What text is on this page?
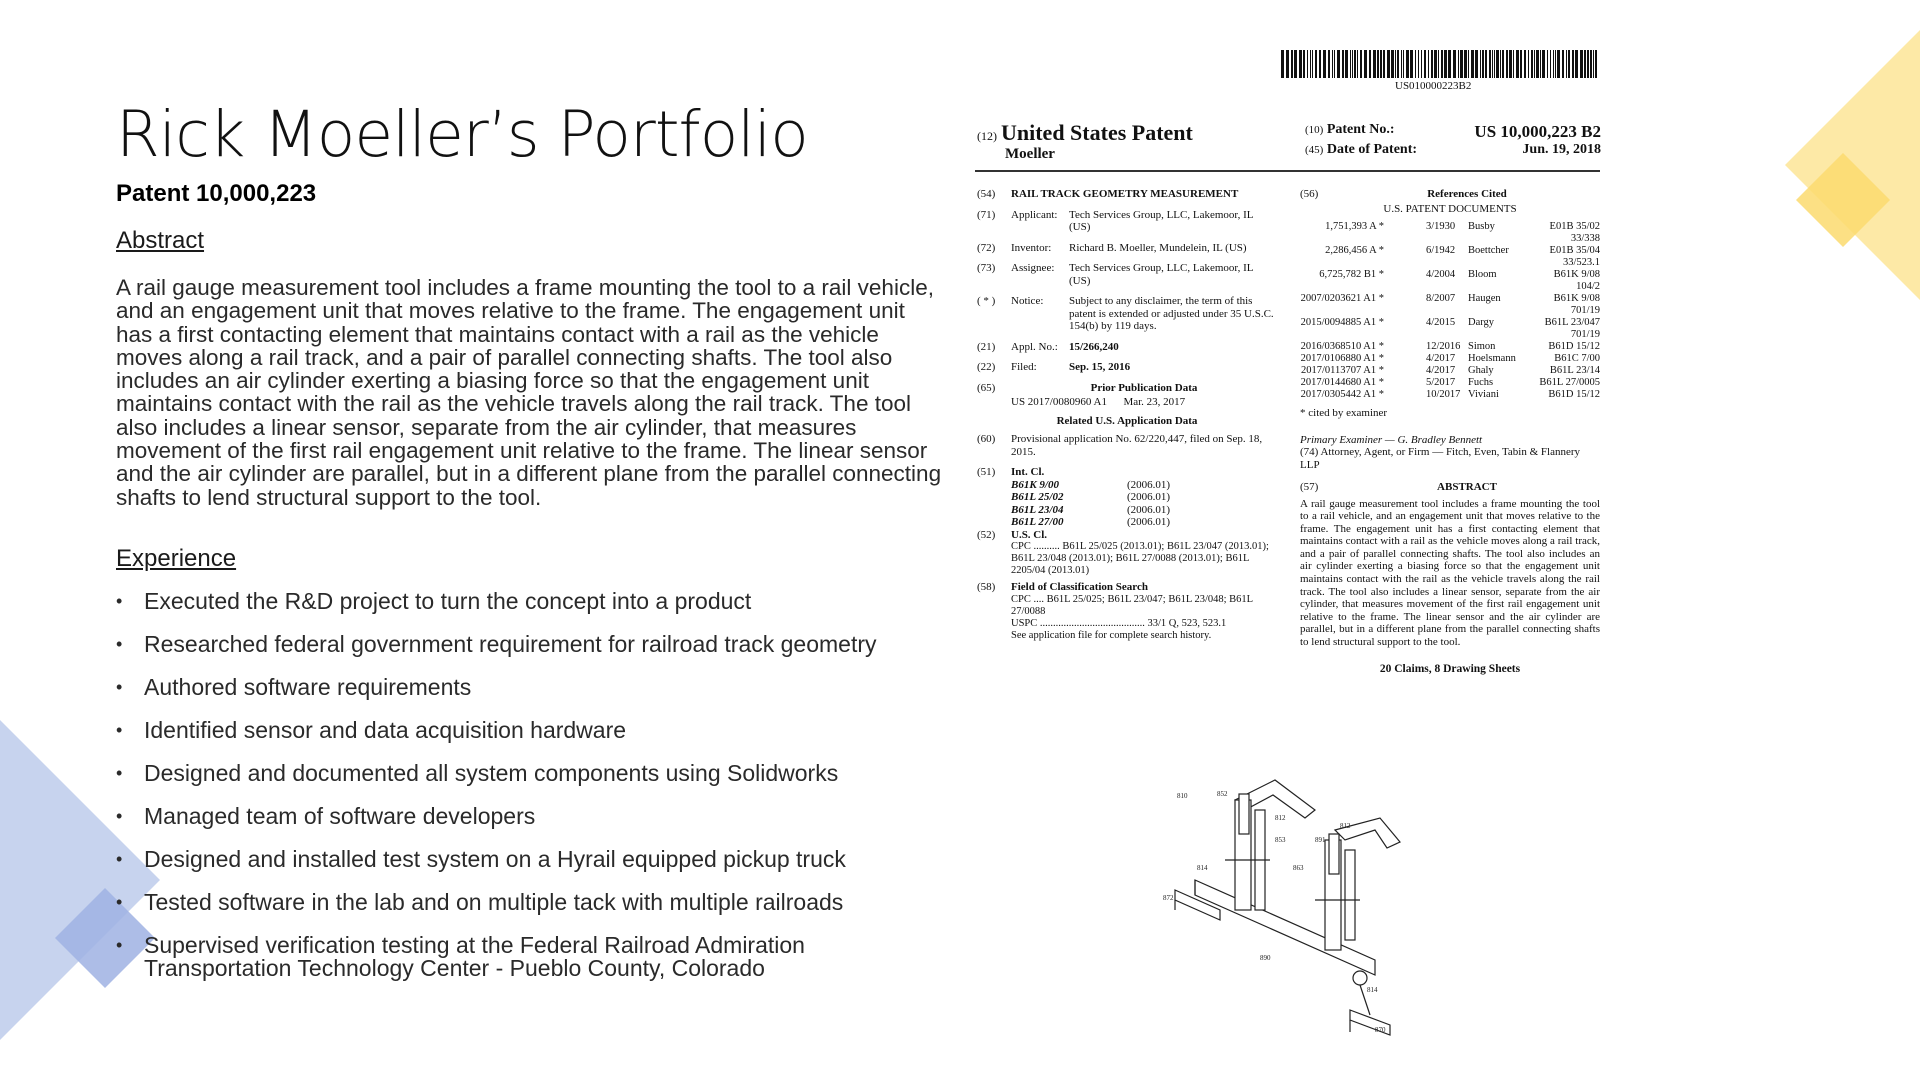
Rick Moeller’s Portfolio
Patent 10,000,223
Abstract

A rail gauge measurement tool includes a frame mounting the tool to a rail vehicle, and an engagement unit that moves relative to the frame. The engagement unit has a first contacting element that maintains contact with a rail as the vehicle moves along a rail track, and a pair of parallel connecting shafts. The tool also includes an air cylinder exerting a biasing force so that the engagement unit maintains contact with the rail as the vehicle travels along the rail track. The tool also includes a linear sensor, separate from the air cylinder, that measures movement of the first rail engagement unit relative to the frame. The linear sensor and the air cylinder are parallel, but in a different plane from the parallel connecting shafts to lend structural support to the tool.

Experience
• Executed the R&D project to turn the concept into a product
• Researched federal government requirement for railroad track geometry
• Authored software requirements
• Identified sensor and data acquisition hardware
• Designed and documented all system components using Solidworks
• Managed team of software developers
• Designed and installed test system on a Hyrail equipped pickup truck
• Tested software in the lab and on multiple tack with multiple railroads
• Supervised verification testing at the Federal Railroad Admiration Transportation Technology Center - Pueblo County, Colorado
US010000223B2
(12) United States Patent
Moeller
(10) Patent No.:	US 10,000,223 B2
(45) Date of Patent:	Jun. 19, 2018
(54)	RAIL TRACK GEOMETRY MEASUREMENT
(71)	Applicant:	Tech Services Group, LLC, Lakemoor, IL (US)
(72)	Inventor:	Richard B. Moeller, Mundelein, IL (US)
(73)	Assignee:	Tech Services Group, LLC, Lakemoor, IL (US)
( * )	Notice:	Subject to any disclaimer, the term of this patent is extended or adjusted under 35 U.S.C. 154(b) by 119 days.
(21)	Appl. No.:	15/266,240
(22)	Filed:	Sep. 15, 2016
(65)	Prior Publication Data
US 2017/0080960 A1      Mar. 23, 2017
Related U.S. Application Data
(60)	Provisional application No. 62/220,447, filed on Sep. 18, 2015.
(51)	Int. Cl.
B61K 9/00	(2006.01)
B61L 25/02	(2006.01)
B61L 23/04	(2006.01)
B61L 27/00	(2006.01)
(52)	U.S. Cl.
CPC .......... B61L 25/025 (2013.01); B61L 23/047 (2013.01); B61L 23/048 (2013.01); B61L 27/0088 (2013.01); B61L 2205/04 (2013.01)
(58)	Field of Classification Search
CPC .... B61L 25/025; B61L 23/047; B61L 23/048; B61L 27/0088
USPC ........................................ 33/1 Q, 523, 523.1
See application file for complete search history.
(56)	References Cited
U.S. PATENT DOCUMENTS
1,751,393 A *	3/1930	Busby	E01B 35/02
33/338
2,286,456 A *	6/1942	Boettcher	E01B 35/04
33/523.1
6,725,782 B1 *	4/2004	Bloom	B61K 9/08
104/2
2007/0203621 A1 *	8/2007	Haugen	B61K 9/08
701/19
2015/0094885 A1 *	4/2015	Dargy	B61L 23/047
701/19
2016/0368510 A1 *	12/2016 Simon	B61D 15/12
2017/0106880 A1 *	4/2017	Hoelsmann	B61C 7/00
2017/0113707 A1 *	4/2017	Ghaly	B61L 23/14
2017/0144680 A1 *	5/2017	Fuchs	B61L 27/0005
2017/0305442 A1 *	10/2017 Viviani	B61D 15/12
* cited by examiner
Primary Examiner — G. Bradley Bennett
(74) Attorney, Agent, or Firm — Fitch, Even, Tabin & Flannery LLP
(57)	ABSTRACT
A rail gauge measurement tool includes a frame mounting the tool to a rail vehicle, and an engagement unit that moves relative to the frame. The engagement unit has a first contacting element that maintains contact with a rail as the vehicle moves along a rail track, and a pair of parallel connecting shafts. The tool also includes an air cylinder exerting a biasing force so that the engagement unit maintains contact with the rail as the vehicle travels along the rail track. The tool also includes a linear sensor, separate from the air cylinder, that measures movement of the first rail engagement unit relative to the frame. The linear sensor and the air cylinder are parallel, but in a different plane from the parallel connecting shafts to lend structural support to the tool.
20 Claims, 8 Drawing Sheets
810	852
812
853
812
891
863
814
872
890
814
870
